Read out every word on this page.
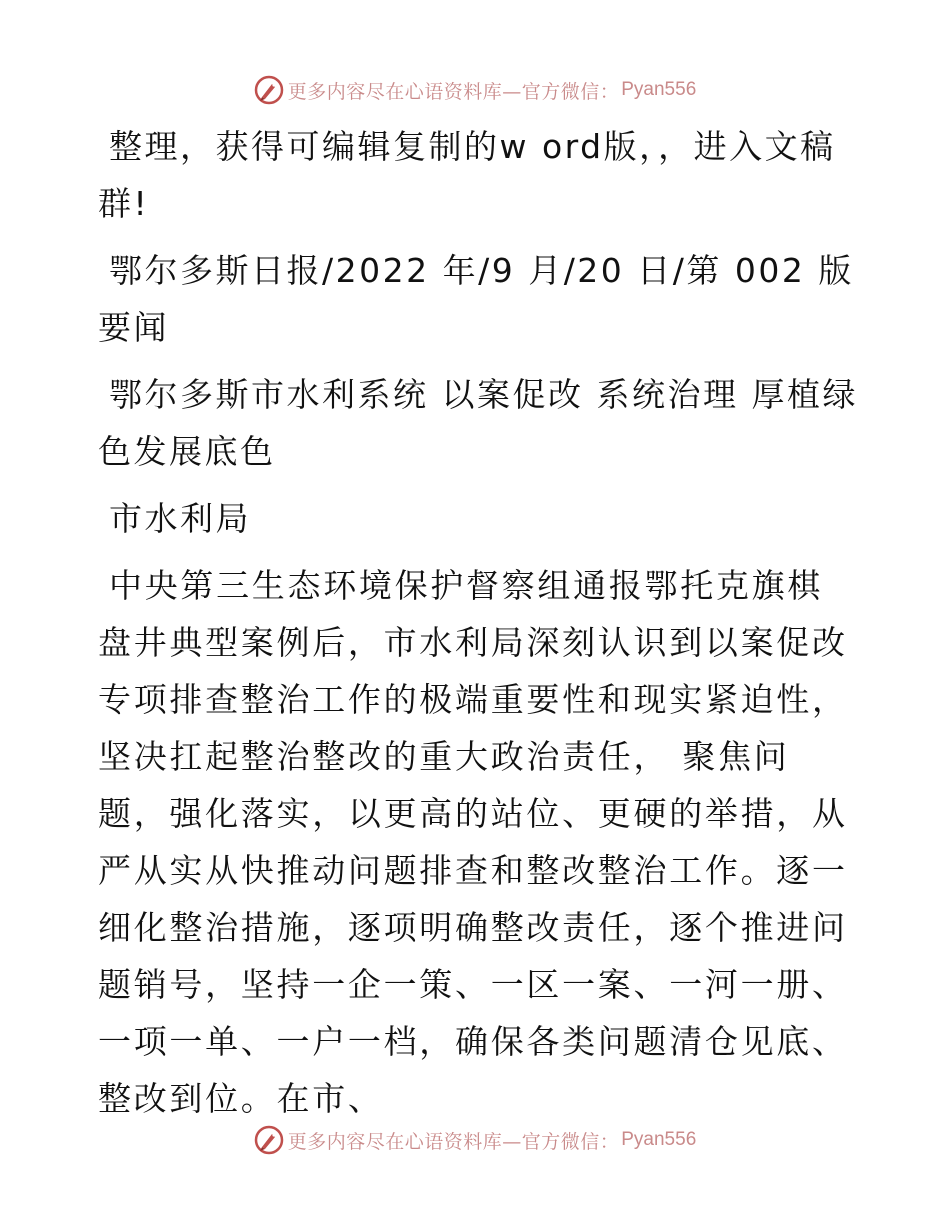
更多内容尽在心语资料库—官方微信： Pyan556

整理，获得可编辑复制的w ord版，，进入文稿群!

鄂尔多斯日报/2022 年/9 月/20 日/第 002 版要闻

鄂尔多斯市水利系统 以案促改 系统治理 厚植绿色发展底色

市水利局

中央第三生态环境保护督察组通报鄂托克旗棋盘井典型案例后，市水利局深刻认识到以案促改专项排查整治工作的极端重要性和现实紧迫性， 坚决扛起整治整改的重大政治责任， 聚焦问题，强化落实，以更高的站位、更硬的举措，从严从实从快推动问题排查和整改整治工作。逐一细化整治措施，逐项明确整改责任，逐个推进问题销号，坚持一企一策、一区一案、一河一册、一项一单、一户一档，确保各类问题清仓见底、整改到位。在市、

更多内容尽在心语资料库—官方微信： Pyan556
